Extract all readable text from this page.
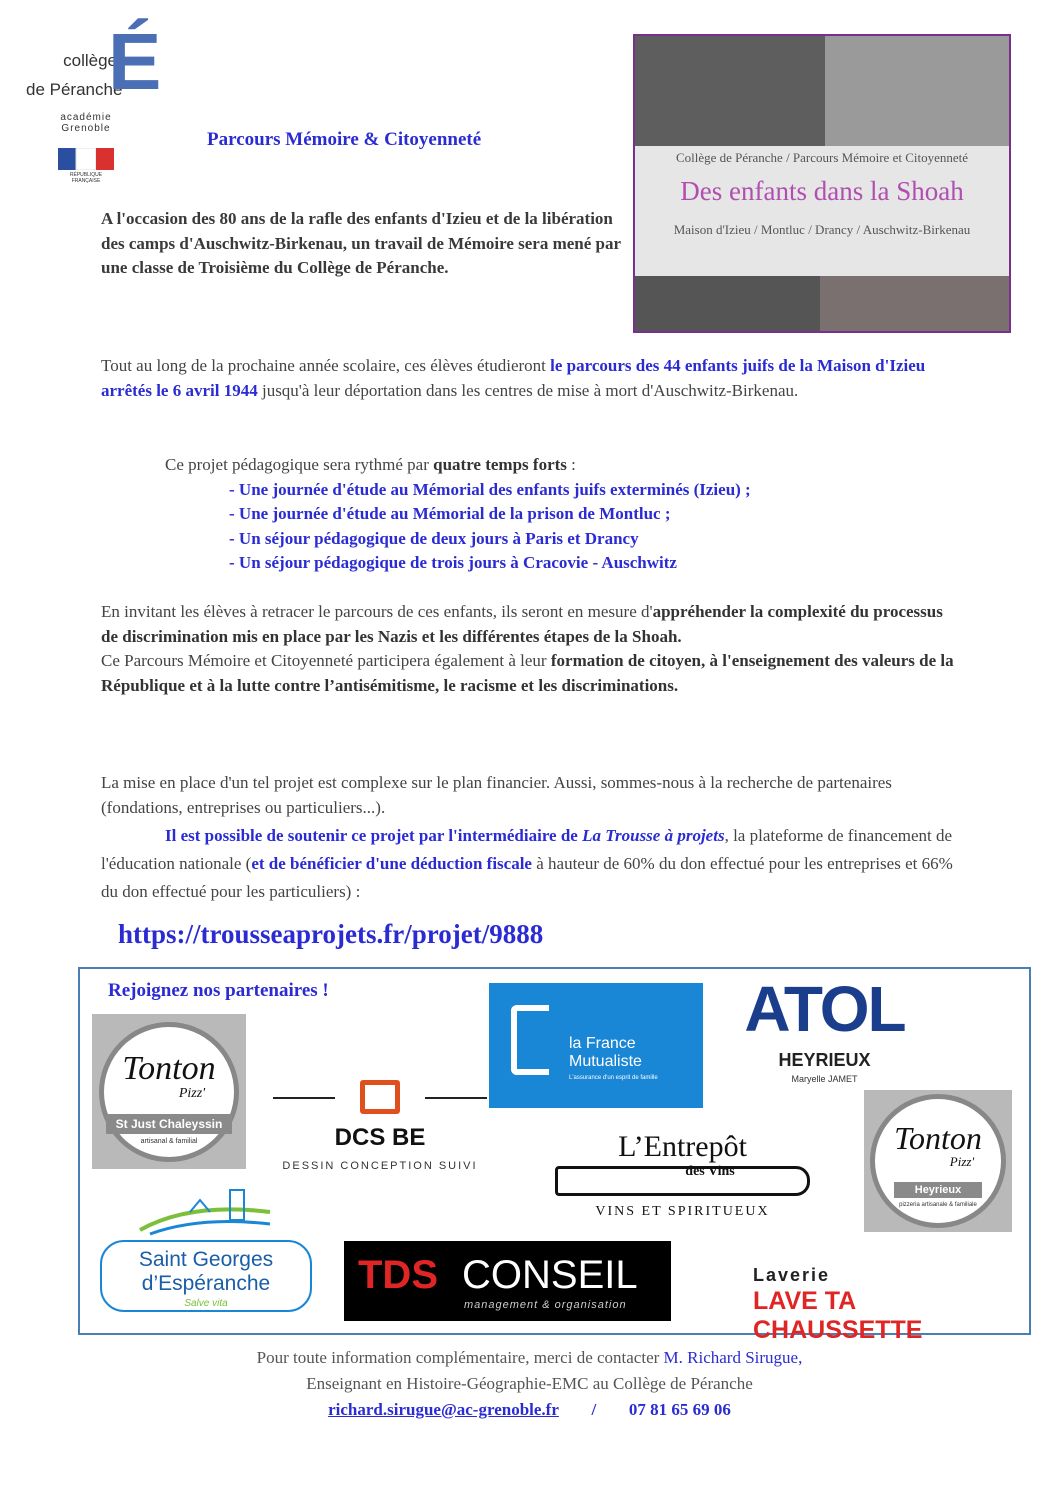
collège
de Péranche
É
académie
Grenoble
RÉPUBLIQUE FRANÇAISE
Parcours Mémoire & Citoyenneté
Collège de Péranche / Parcours Mémoire et Citoyenneté
Des enfants dans la Shoah
Maison d'Izieu / Montluc / Drancy / Auschwitz-Birkenau

A l'occasion des 80 ans de la rafle des enfants d'Izieu et de la libération des camps d'Auschwitz-Birkenau, un travail de Mémoire sera mené par une classe de Troisième du Collège de Péranche.

Tout au long de la prochaine année scolaire, ces élèves étudieront le parcours des 44 enfants juifs de la Maison d'Izieu arrêtés le 6 avril 1944 jusqu'à leur déportation dans les centres de mise à mort d'Auschwitz-Birkenau.

Ce projet pédagogique sera rythmé par quatre temps forts :

- Une journée d'étude au Mémorial des enfants juifs exterminés (Izieu) ;
- Une journée d'étude au Mémorial de la prison de Montluc ;
- Un séjour pédagogique de deux jours à Paris et Drancy
- Un séjour pédagogique de trois jours à Cracovie - Auschwitz

En invitant les élèves à retracer le parcours de ces enfants, ils seront en mesure d'appréhender la complexité du processus de discrimination mis en place par les Nazis et les différentes étapes de la Shoah.

Ce Parcours Mémoire et Citoyenneté participera également à leur formation de citoyen, à l'enseignement des valeurs de la République et à la lutte contre l’antisémitisme, le racisme et les discriminations.

La mise en place d'un tel projet est complexe sur le plan financier. Aussi, sommes-nous à la recherche de partenaires (fondations, entreprises ou particuliers...).

Il est possible de soutenir ce projet par l'intermédiaire de La Trousse à projets, la plateforme de financement de l'éducation nationale (et de bénéficier d'une déduction fiscale à hauteur de 60% du don effectué pour les entreprises et 66% du don effectué pour les particuliers) :

https://trousseaprojets.fr/projet/9888
Rejoignez nos partenaires !
Tonton
Pizz'
St Just Chaleyssin
artisanal & familial	DCS BE
DESSIN CONCEPTION SUIVI
la France
Mutualiste
L'assurance d'un esprit de famille
ATOL
HEYRIEUX
Maryelle JAMET
Tonton
Pizz'
Heyrieux
pizzeria artisanale & familiale
L’Entrepôt
des Vins
VINS ET SPIRITUEUX
Saint Georges
d’Espéranche
Salve vita
TDS CONSEIL
management & organisation
Laverie
LAVE TA CHAUSSETTE
Pour toute information complémentaire, merci de contacter M. Richard Sirugue,
Enseignant en Histoire-Géographie-EMC au Collège de Péranche
richard.sirugue@ac-grenoble.fr / 07 81 65 69 06
